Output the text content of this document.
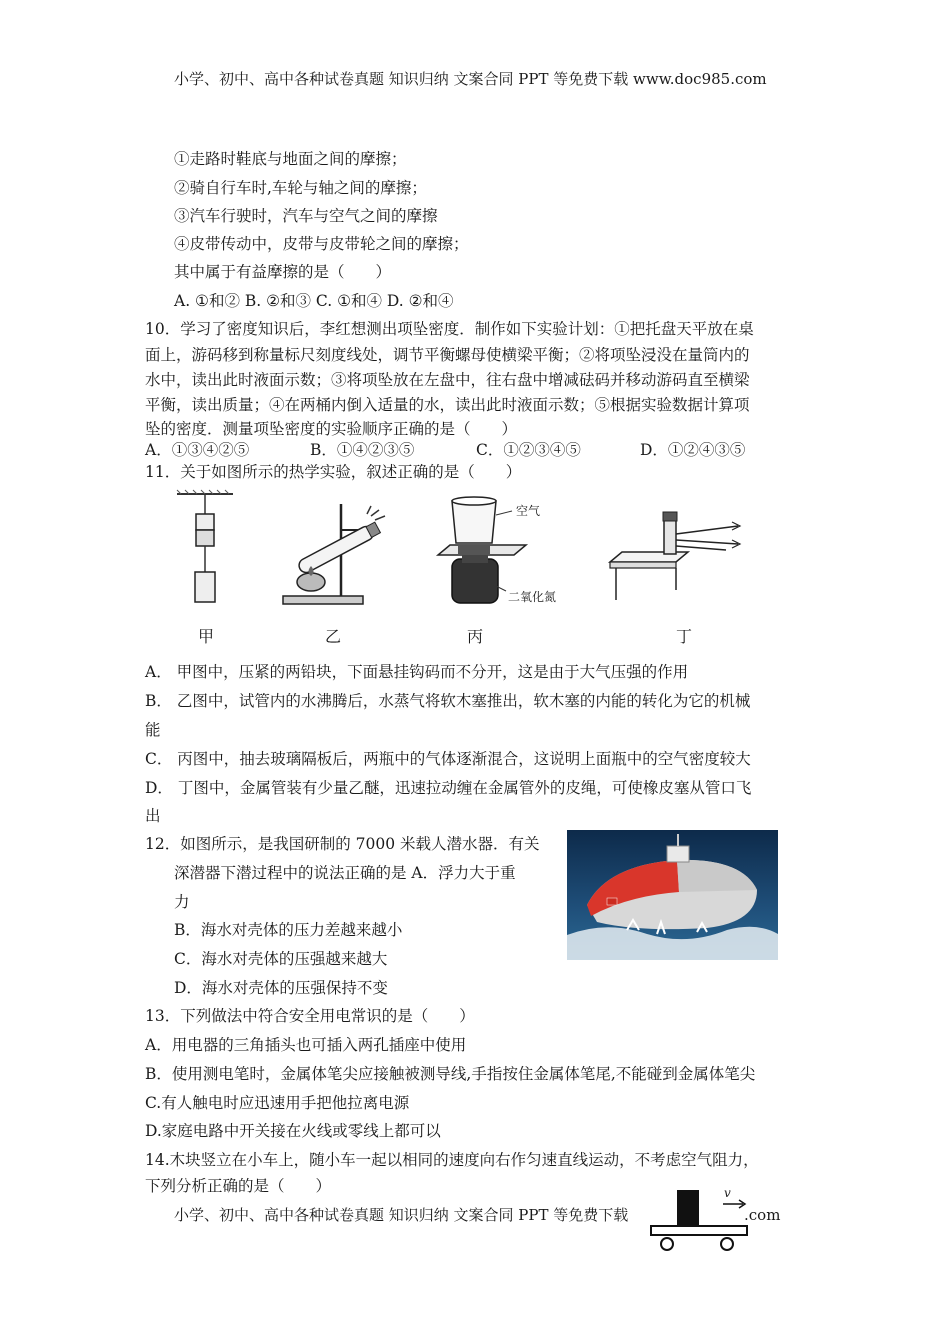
小学、初中、高中各种试卷真题 知识归纳 文案合同 PPT 等免费下载 www.doc985.com
①走路时鞋底与地面之间的摩擦；
②骑自行车时,车轮与轴之间的摩擦；
③汽车行驶时，汽车与空气之间的摩擦
④皮带传动中，皮带与皮带轮之间的摩擦；
其中属于有益摩擦的是（　　）
A. ①和② B. ②和③ C. ①和④ D. ②和④
10．学习了密度知识后，李红想测出项坠密度．制作如下实验计划：①把托盘天平放在桌
面上，游码移到称量标尺刻度线处，调节平衡螺母使横梁平衡；②将项坠浸没在量筒内的
水中，读出此时液面示数；③将项坠放在左盘中，往右盘中增减砝码并移动游码直至横梁
平衡，读出质量；④在两桶内倒入适量的水，读出此时液面示数；⑤根据实验数据计算项
坠的密度．测量项坠密度的实验顺序正确的是（　　）
A．①③④②⑤	B．①④②③⑤	C．①②③④⑤	D．①②④③⑤
11．关于如图所示的热学实验，叙述正确的是（　　）
空气
二氧化氮
甲	乙	丙	丁
A． 甲图中，压紧的两铅块，下面悬挂钩码而不分开，这是由于大气压强的作用
B． 乙图中，试管内的水沸腾后，水蒸气将软木塞推出，软木塞的内能的转化为它的机械
能
C． 丙图中，抽去玻璃隔板后，两瓶中的气体逐渐混合，这说明上面瓶中的空气密度较大
D． 丁图中，金属管装有少量乙醚，迅速拉动缠在金属管外的皮绳，可使橡皮塞从管口飞
出
12．如图所示，是我国研制的 7000 米载人潜水器．有关
深潜器下潜过程中的说法正确的是 A．浮力大于重
力
B．海水对壳体的压力差越来越小
C．海水对壳体的压强越来越大
D．海水对壳体的压强保持不变
13．下列做法中符合安全用电常识的是（　　）
A．用电器的三角插头也可插入两孔插座中使用
B．使用测电笔时，金属体笔尖应接触被测导线,手指按住金属体笔尾,不能碰到金属体笔尖
C.有人触电时应迅速用手把他拉离电源
D.家庭电路中开关接在火线或零线上都可以
14.木块竖立在小车上，随小车一起以相同的速度向右作匀速直线运动，不考虑空气阻力，
下列分析正确的是（　　）
小学、初中、高中各种试卷真题 知识归纳 文案合同 PPT 等免费下载
v
.com
